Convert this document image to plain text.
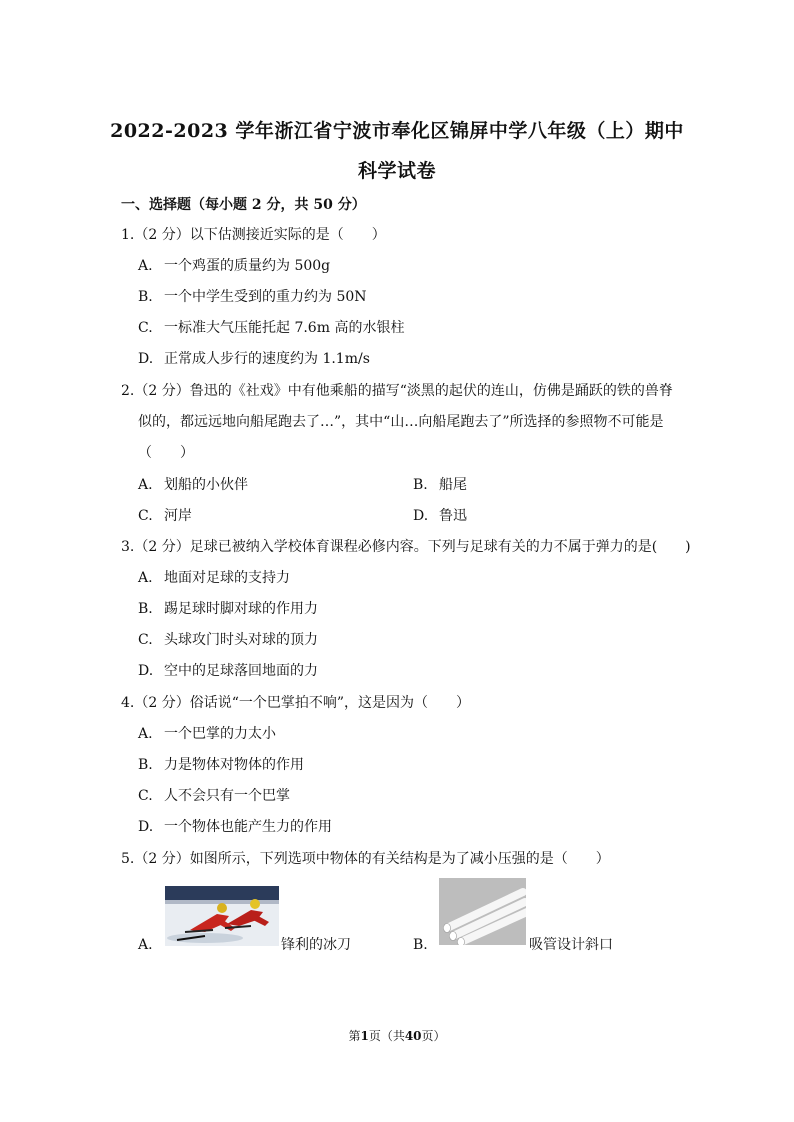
2022-2023 学年浙江省宁波市奉化区锦屏中学八年级（上）期中
科学试卷
一、选择题（每小题 2 分，共 50 分）
1.（2 分）以下估测接近实际的是（　　）
A. 一个鸡蛋的质量约为 500g
B. 一个中学生受到的重力约为 50N
C. 一标准大气压能托起 7.6m 高的水银柱
D. 正常成人步行的速度约为 1.1m/s
2.（2 分）鲁迅的《社戏》中有他乘船的描写“淡黑的起伏的连山，仿佛是踊跃的铁的兽脊
似的，都远远地向船尾跑去了…”，其中“山…向船尾跑去了”所选择的参照物不可能是
（　　）
A. 划船的小伙伴	B. 船尾
C. 河岸	D. 鲁迅
3.（2 分）足球已被纳入学校体育课程必修内容。下列与足球有关的力不属于弹力的是(　　)
A. 地面对足球的支持力
B. 踢足球时脚对球的作用力
C. 头球攻门时头对球的顶力
D. 空中的足球落回地面的力
4.（2 分）俗话说“一个巴掌拍不响”，这是因为（　　）
A. 一个巴掌的力太小
B. 力是物体对物体的作用
C. 人不会只有一个巴掌
D. 一个物体也能产生力的作用
5.（2 分）如图所示，下列选项中物体的有关结构是为了减小压强的是（　　）
A.	锋利的冰刀	B.	吸管设计斜口
第1页（共40页）
